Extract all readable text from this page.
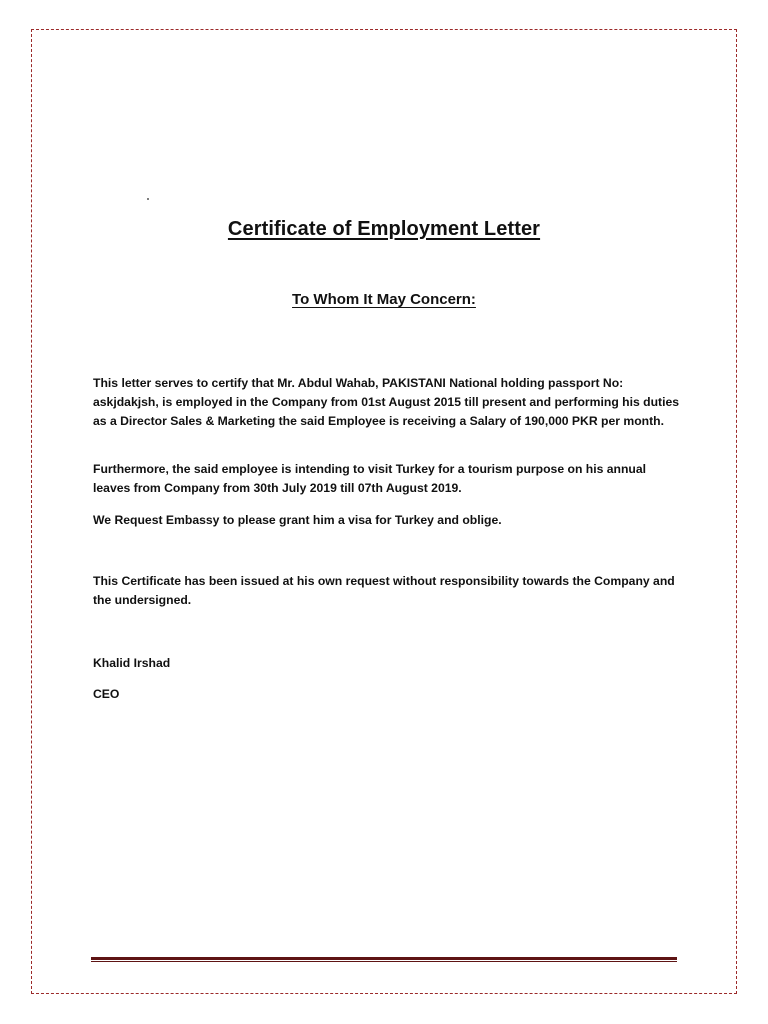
Certificate of Employment Letter
To Whom It May Concern:

This letter serves to certify that Mr. Abdul Wahab, PAKISTANI National holding passport No: askjdakjsh, is employed in the Company from 01st August 2015 till present and performing his duties as a Director Sales & Marketing the said Employee is receiving a Salary of 190,000 PKR per month.

Furthermore, the said employee is intending to visit Turkey for a tourism purpose on his annual leaves from Company from 30th July 2019 till 07th August 2019.

We Request Embassy to please grant him a visa for Turkey and oblige.

This Certificate has been issued at his own request without responsibility towards the Company and the undersigned.

Khalid Irshad

CEO
